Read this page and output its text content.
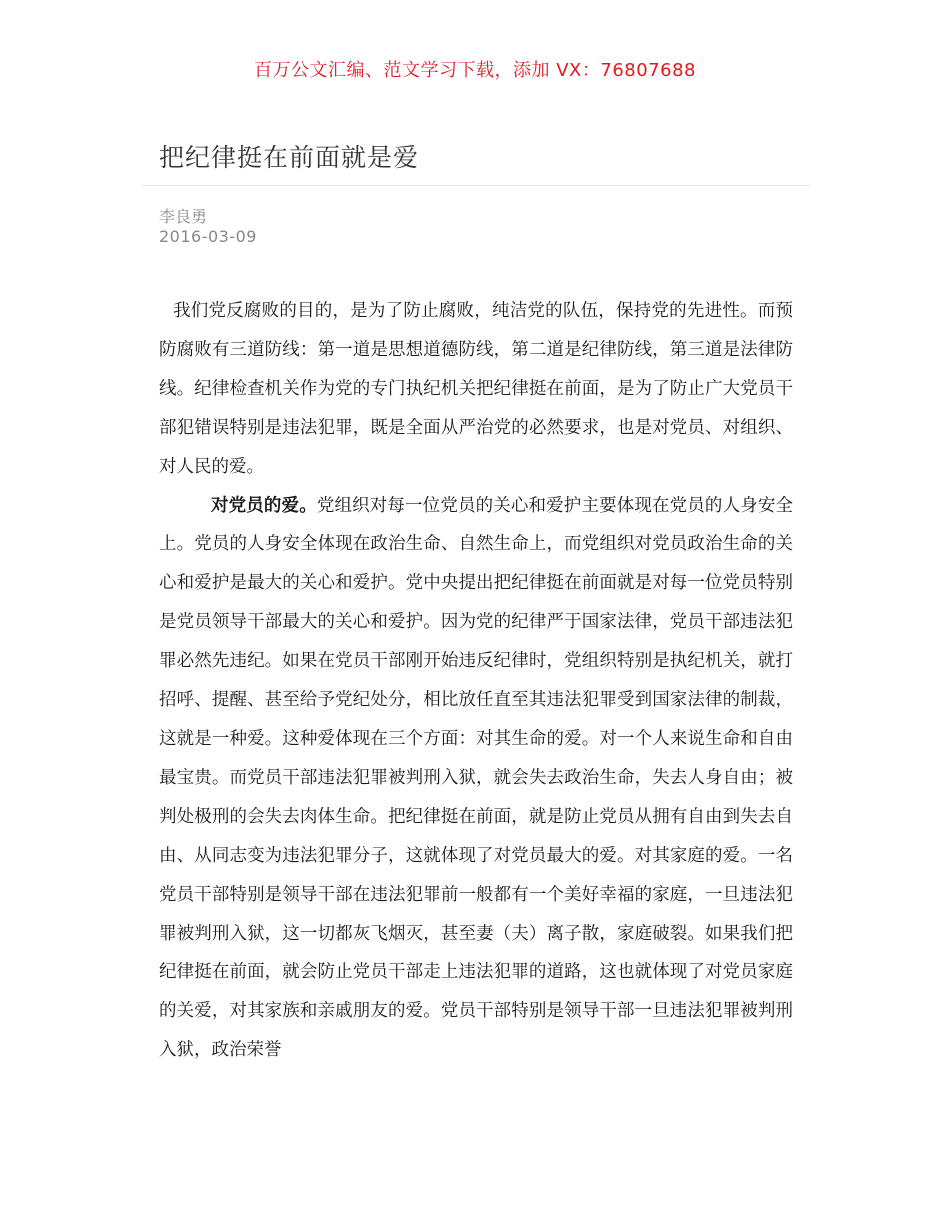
百万公文汇编、范文学习下载，添加 VX：76807688
把纪律挺在前面就是爱
李良勇
2016-03-09

我们党反腐败的目的，是为了防止腐败，纯洁党的队伍，保持党的先进性。而预防腐败有三道防线：第一道是思想道德防线，第二道是纪律防线，第三道是法律防线。纪律检查机关作为党的专门执纪机关把纪律挺在前面，是为了防止广大党员干部犯错误特别是违法犯罪，既是全面从严治党的必然要求，也是对党员、对组织、对人民的爱。

对党员的爱。党组织对每一位党员的关心和爱护主要体现在党员的人身安全上。党员的人身安全体现在政治生命、自然生命上，而党组织对党员政治生命的关心和爱护是最大的关心和爱护。党中央提出把纪律挺在前面就是对每一位党员特别是党员领导干部最大的关心和爱护。因为党的纪律严于国家法律，党员干部违法犯罪必然先违纪。如果在党员干部刚开始违反纪律时，党组织特别是执纪机关，就打招呼、提醒、甚至给予党纪处分，相比放任直至其违法犯罪受到国家法律的制裁，这就是一种爱。这种爱体现在三个方面：对其生命的爱。对一个人来说生命和自由最宝贵。而党员干部违法犯罪被判刑入狱，就会失去政治生命，失去人身自由；被判处极刑的会失去肉体生命。把纪律挺在前面，就是防止党员从拥有自由到失去自由、从同志变为违法犯罪分子，这就体现了对党员最大的爱。对其家庭的爱。一名党员干部特别是领导干部在违法犯罪前一般都有一个美好幸福的家庭，一旦违法犯罪被判刑入狱，这一切都灰飞烟灭，甚至妻（夫）离子散，家庭破裂。如果我们把纪律挺在前面，就会防止党员干部走上违法犯罪的道路，这也就体现了对党员家庭的关爱，对其家族和亲戚朋友的爱。党员干部特别是领导干部一旦违法犯罪被判刑入狱，政治荣誉
